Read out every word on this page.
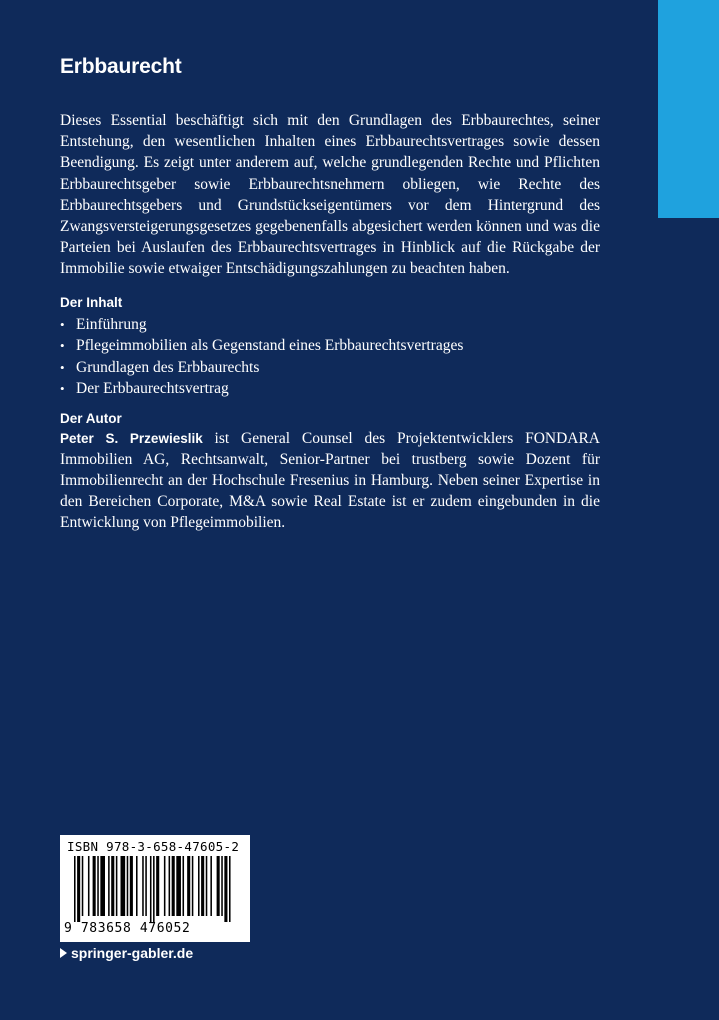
Erbbaurecht

Dieses Essential beschäftigt sich mit den Grundlagen des Erbbaurechtes, seiner Entstehung, den wesentlichen Inhalten eines Erbbaurechtsvertrages sowie dessen Beendigung. Es zeigt unter anderem auf, welche grundlegenden Rechte und Pflichten Erbbaurechtsgeber sowie Erbbaurechtsnehmern obliegen, wie Rechte des Erbbaurechtsgebers und Grundstückseigentümers vor dem Hintergrund des Zwangsversteigerungsgesetzes gegebenenfalls abgesichert werden können und was die Parteien bei Auslaufen des Erbbaurechtsvertrages in Hinblick auf die Rückgabe der Immobilie sowie etwaiger Entschädigungszahlungen zu beachten haben.

Der Inhalt
• Einführung
• Pflegeimmobilien als Gegenstand eines Erbbaurechtsvertrages
• Grundlagen des Erbbaurechts
• Der Erbbaurechtsvertrag
Der Autor

Peter S. Przewieslik ist General Counsel des Projektentwicklers FONDARA Immobilien AG, Rechtsanwalt, Senior-Partner bei trustberg sowie Dozent für Immobilienrecht an der Hochschule Fresenius in Hamburg. Neben seiner Expertise in den Bereichen Corporate, M&A sowie Real Estate ist er zudem eingebunden in die Entwicklung von Pflegeimmobilien.

ISBN 978-3-658-47605-2
9 783658 476052
springer-gabler.de
